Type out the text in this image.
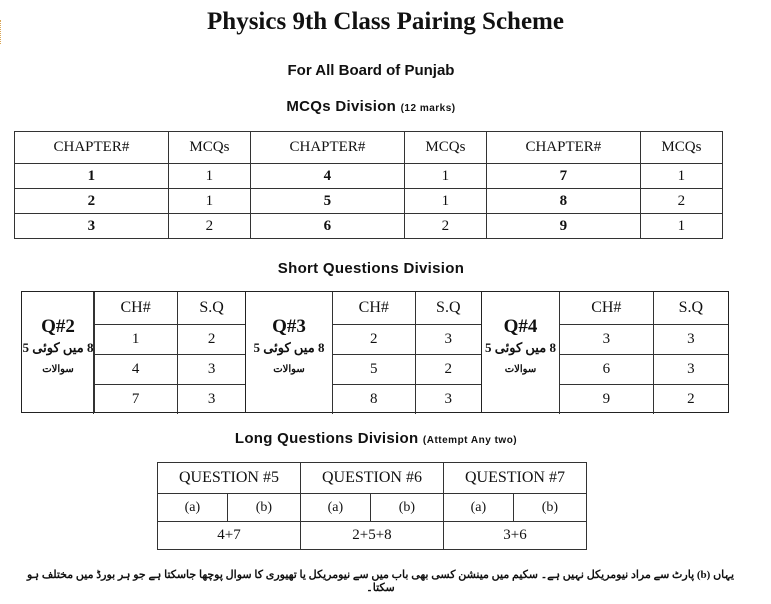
Physics 9th Class Pairing Scheme
For All Board of Punjab
MCQs Division (12 marks)
CHAPTER#	MCQs	CHAPTER#	MCQs	CHAPTER#	MCQs
1	1	4	1	7	1
2	1	5	1	8	2
3	2	6	2	9	1
Short Questions Division
Q#2
8 میں کوئی 5
سوالات
CH#	S.Q
1	2
4	3
7	3
Q#3
8 میں کوئی 5
سوالات
CH#	S.Q
2	3
5	2
8	3
Q#4
8 میں کوئی 5
سوالات
CH#	S.Q
3	3
6	3
9	2
Long Questions Division (Attempt Any two)
QUESTION #5		QUESTION #6		QUESTION #7	
(a)	(b)	(a)	(b)	(a)	(b)
4+7		2+5+8		3+6	
یہاں (b) پارٹ سے مراد نیومریکل نہیں ہے۔ سکیم میں مینشن کسی بھی باب میں سے نیومریکل یا تھیوری کا سوال پوچھا جاسکتا ہے جو ہر بورڈ میں مختلف ہو سکتا۔
